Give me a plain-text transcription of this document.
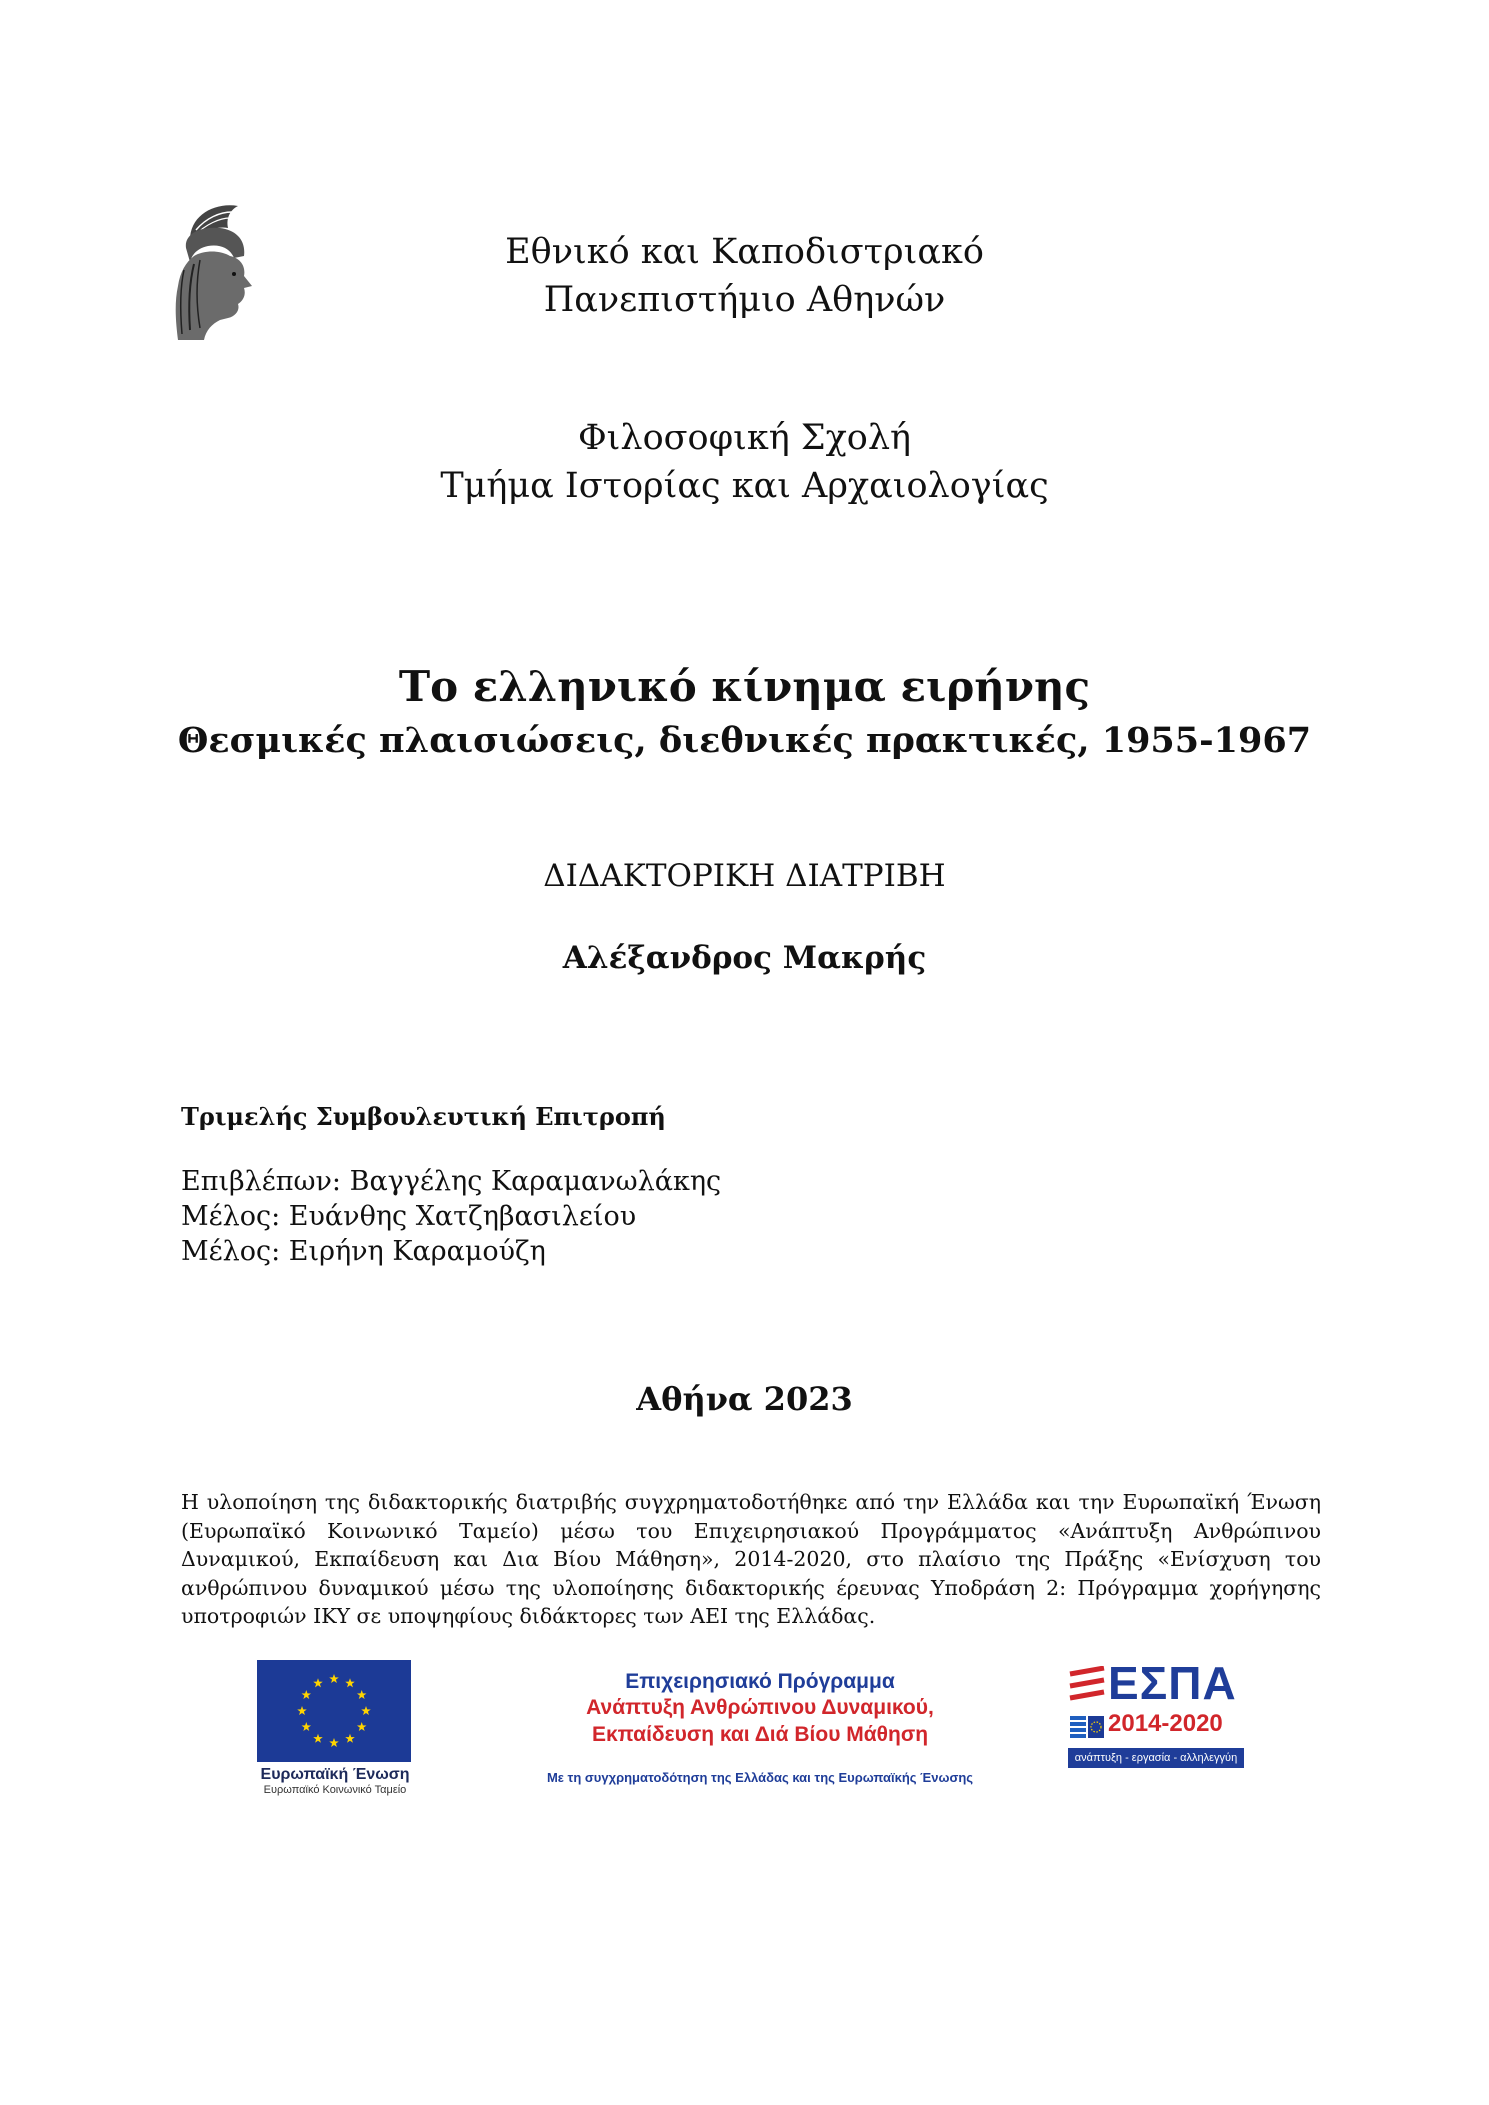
Εθνικό και Καποδιστριακό
Πανεπιστήμιο Αθηνών
Φιλοσοφική Σχολή
Τμήμα Ιστορίας και Αρχαιολογίας
Το ελληνικό κίνημα ειρήνης
Θεσμικές πλαισιώσεις, διεθνικές πρακτικές, 1955-1967
ΔΙΔΑΚΤΟΡΙΚΗ ΔΙΑΤΡΙΒΗ
Αλέξανδρος Μακρής
Τριμελής Συμβουλευτική Επιτροπή
Επιβλέπων: Βαγγέλης Καραμανωλάκης
Μέλος: Ευάνθης Χατζηβασιλείου
Μέλος: Ειρήνη Καραμούζη
Αθήνα 2023
Η υλοποίηση της διδακτορικής διατριβής συγχρηματοδοτήθηκε από την Ελλάδα και την Ευρωπαϊκή Ένωση (Ευρωπαϊκό Κοινωνικό Ταμείο) μέσω του Επιχειρησιακού Προγράμματος «Ανάπτυξη Ανθρώπινου Δυναμικού, Εκπαίδευση και Δια Βίου Μάθηση», 2014-2020, στο πλαίσιο της Πράξης «Ενίσχυση του ανθρώπινου δυναμικού μέσω της υλοποίησης διδακτορικής έρευνας Υποδράση 2: Πρόγραμμα χορήγησης υποτροφιών ΙΚΥ σε υποψηφίους διδάκτορες των ΑΕΙ της Ελλάδας.
Ευρωπαϊκή Ένωση
Ευρωπαϊκό Κοινωνικό Ταμείο
Επιχειρησιακό Πρόγραμμα
Ανάπτυξη Ανθρώπινου Δυναμικού,
Εκπαίδευση και Διά Βίου Μάθηση
Με τη συγχρηματοδότηση της Ελλάδας και της Ευρωπαϊκής Ένωσης
ΕΣΠΑ
2014-2020
ανάπτυξη - εργασία - αλληλεγγύη
